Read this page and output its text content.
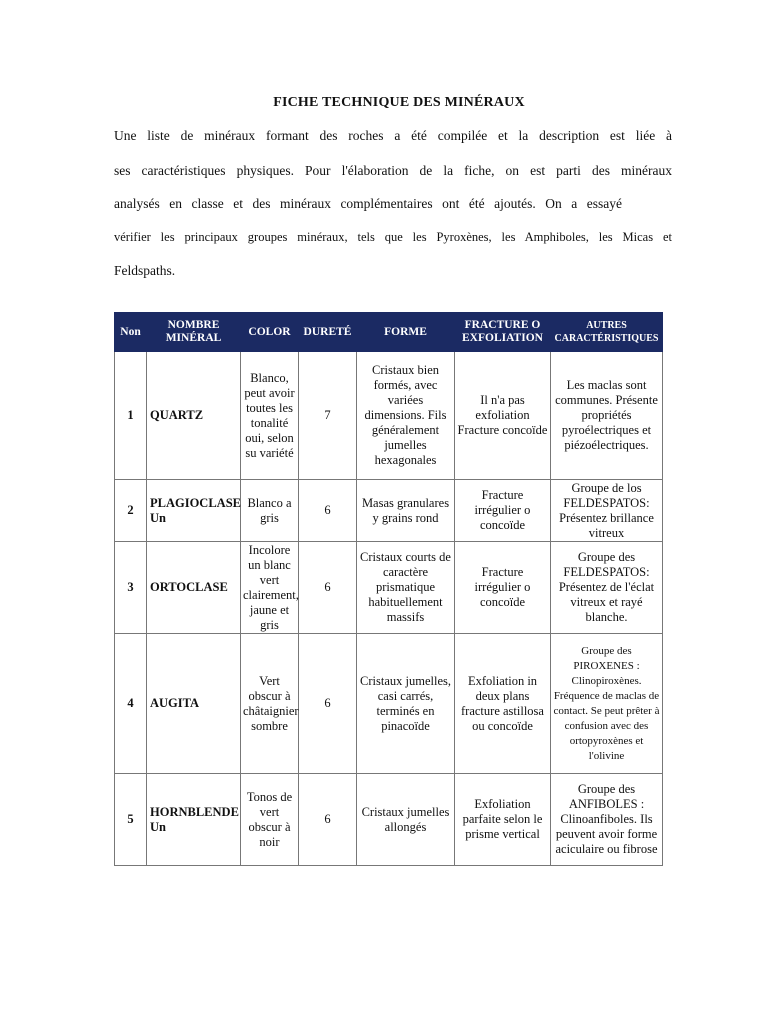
FICHE TECHNIQUE DES MINÉRAUX
Une liste de minéraux formant des roches a été compilée et la description est liée à
ses caractéristiques physiques. Pour l'élaboration de la fiche, on est parti des minéraux
analysés en classe et des minéraux complémentaires ont été ajoutés. On a essayé
vérifier les principaux groupes minéraux, tels que les Pyroxènes, les Amphiboles, les Micas et
Feldspaths.
Non	NOMBRE MINÉRAL	COLOR	DURETÉ	FORME	FRACTURE O EXFOLIATION	AUTRES CARACTÉRISTIQUES
1	QUARTZ	Blanco, peut avoir toutes les tonalité oui, selon su variété	7	Cristaux bien formés, avec variées dimensions. Fils généralement jumelles hexagonales	Il n'a pas exfoliation Fracture concoïde	Les maclas sont communes. Présente propriétés pyroélectriques et piézoélectriques.
2	PLAGIOCLASE Un	Blanco a gris	6	Masas granulares y grains rond	Fracture irrégulier o concoïde	Groupe de los FELDESPATOS: Présentez brillance vitreux
3	ORTOCLASE	Incolore un blanc vert clairement, jaune et gris	6	Cristaux courts de caractère prismatique habituellement massifs	Fracture irrégulier o concoïde	Groupe des FELDESPATOS: Présentez de l'éclat vitreux et rayé blanche.
4	AUGITA	Vert obscur à châtaignier sombre	6	Cristaux jumelles, casi carrés, terminés en pinacoïde	Exfoliation in deux plans fracture astillosa ou concoïde	Groupe des PIROXENES : Clinopiroxènes. Fréquence de maclas de contact. Se peut prêter à confusion avec des ortopyroxènes et l'olivine
5	HORNBLENDE Un	Tonos de vert obscur à noir	6	Cristaux jumelles allongés	Exfoliation parfaite selon le prisme vertical	Groupe des ANFIBOLES : Clinoanfiboles. Ils peuvent avoir forme aciculaire ou fibrose
